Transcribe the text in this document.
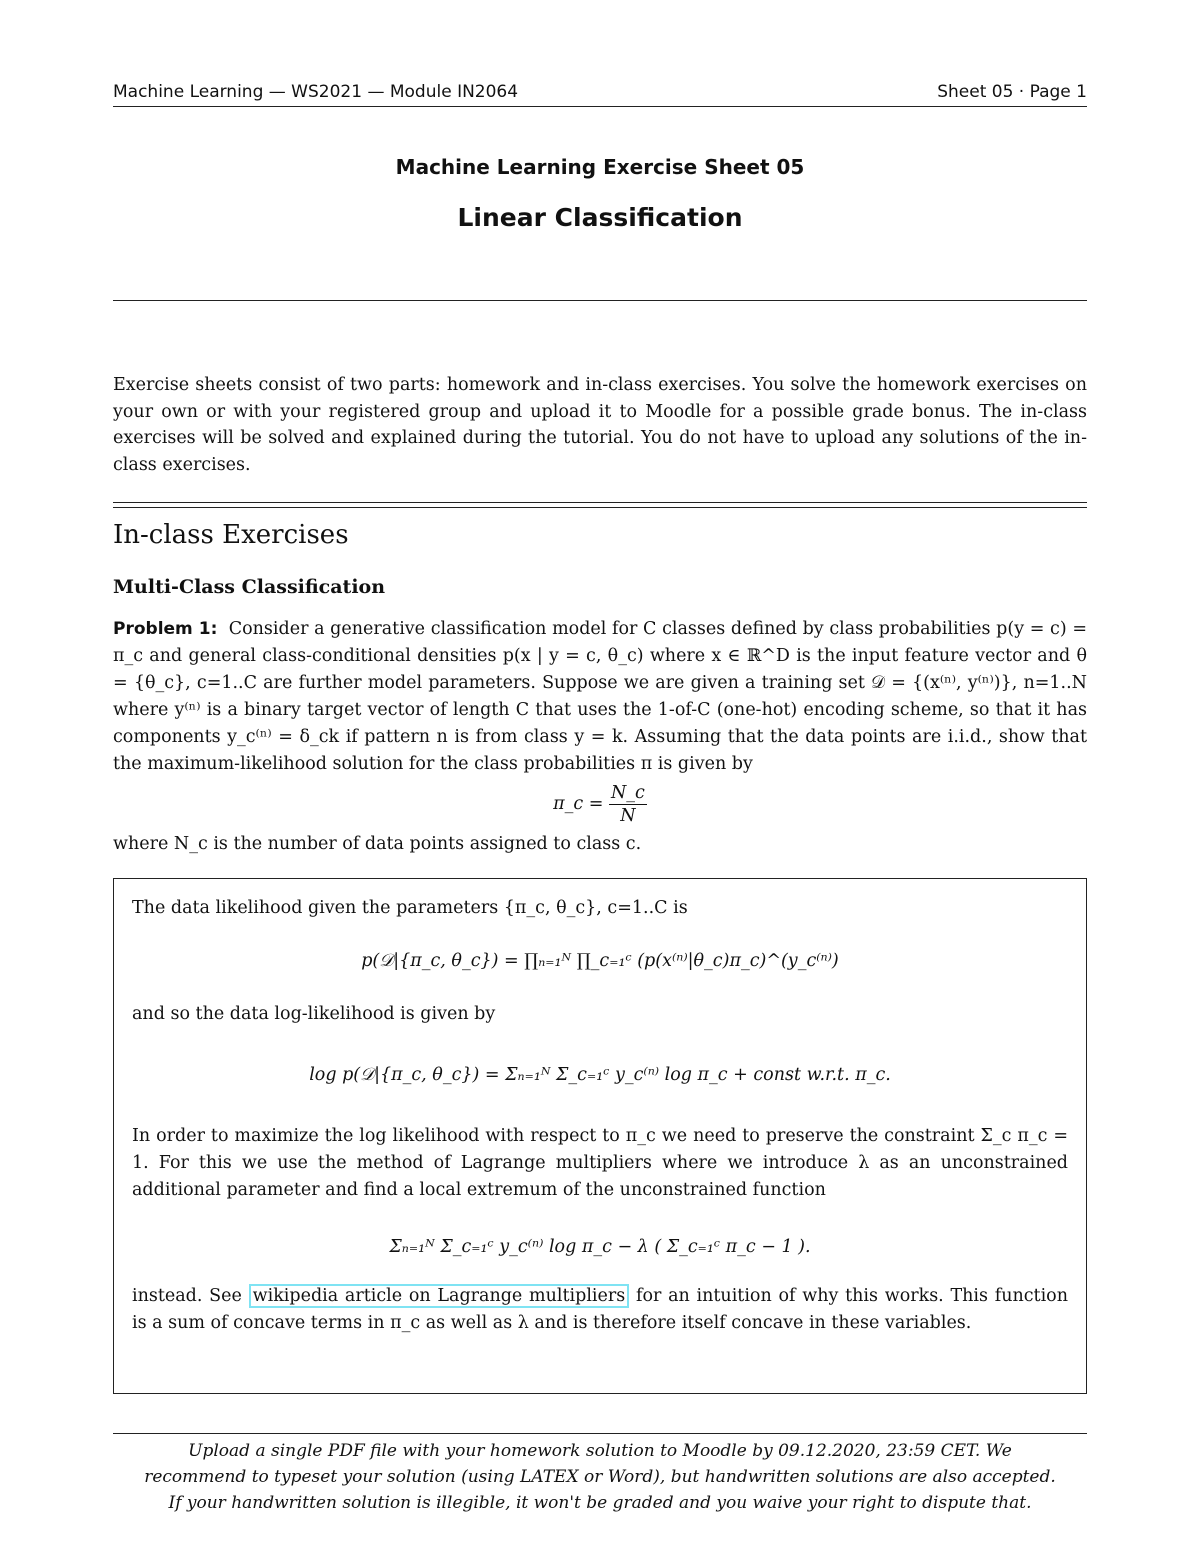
Machine Learning — WS2021 — Module IN2064	Sheet 05 · Page 1
Machine Learning Exercise Sheet 05
Linear Classification
Exercise sheets consist of two parts: homework and in-class exercises. You solve the homework exercises on your own or with your registered group and upload it to Moodle for a possible grade bonus. The in-class exercises will be solved and explained during the tutorial. You do not have to upload any solutions of the in-class exercises.
In-class Exercises
Multi-Class Classification

Problem 1: Consider a generative classification model for C classes defined by class probabilities p(y = c) = π_c and general class-conditional densities p(x | y = c, θ_c) where x ∈ ℝ^D is the input feature vector and θ = {θ_c}, c=1..C are further model parameters. Suppose we are given a training set 𝒟 = {(x⁽ⁿ⁾, y⁽ⁿ⁾)}, n=1..N where y⁽ⁿ⁾ is a binary target vector of length C that uses the 1-of-C (one-hot) encoding scheme, so that it has components y_c⁽ⁿ⁾ = δ_ck if pattern n is from class y = k. Assuming that the data points are i.i.d., show that the maximum-likelihood solution for the class probabilities π is given by

π_c = $\frac{N\_c}{N}$

where N_c is the number of data points assigned to class c.

The data likelihood given the parameters {π_c, θ_c}, c=1..C is

p(𝒟|{π_c, θ_c}) = ∏ₙ₌₁ᴺ ∏_c₌₁ᶜ (p(x⁽ⁿ⁾|θ_c)π_c)^(y_c⁽ⁿ⁾)

and so the data log-likelihood is given by

log p(𝒟|{π_c, θ_c}) = Σₙ₌₁ᴺ Σ_c₌₁ᶜ y_c⁽ⁿ⁾ log π_c + const w.r.t. π_c.

In order to maximize the log likelihood with respect to π_c we need to preserve the constraint Σ_c π_c = 1. For this we use the method of Lagrange multipliers where we introduce λ as an unconstrained additional parameter and find a local extremum of the unconstrained function

Σₙ₌₁ᴺ Σ_c₌₁ᶜ y_c⁽ⁿ⁾ log π_c − λ ( Σ_c₌₁ᶜ π_c − 1 ).

instead. See wikipedia article on Lagrange multipliers for an intuition of why this works. This function is a sum of concave terms in π_c as well as λ and is therefore itself concave in these variables.

Upload a single PDF file with your homework solution to Moodle by 09.12.2020, 23:59 CET. We
recommend to typeset your solution (using LATEX or Word), but handwritten solutions are also accepted.
If your handwritten solution is illegible, it won't be graded and you waive your right to dispute that.
